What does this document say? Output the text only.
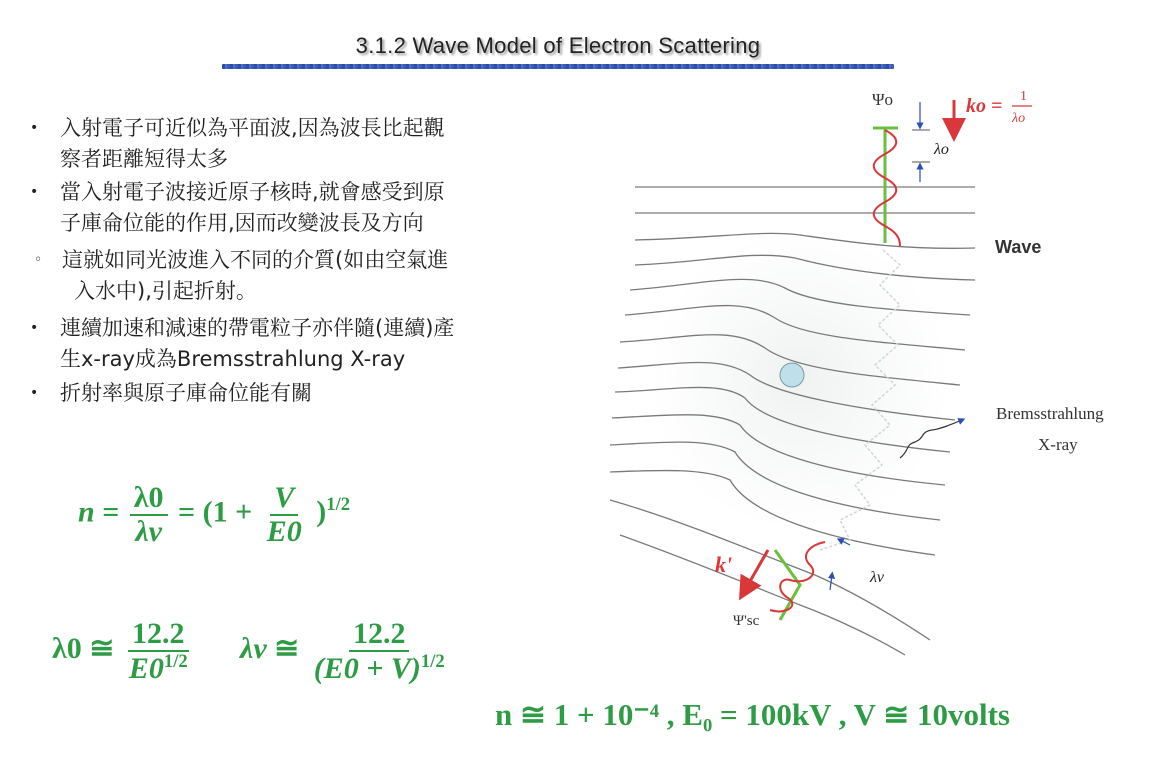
3.1.2 Wave Model of Electron Scattering
•	入射電子可近似為平面波,因為波長比起觀
察者距離短得太多
•	當入射電子波接近原子核時,就會感受到原
子庫侖位能的作用,因而改變波長及方向
◦ 這就如同光波進入不同的介質(如由空氣進
入水中),引起折射。
•	連續加速和減速的帶電粒子亦伴隨(連續)產
生x-ray成為Bremsstrahlung X-ray
•	折射率與原子庫侖位能有關
$n = \frac{\lambda 0}{\lambda v} = (1 + \frac{V}{E0} )^{1/2}$
λ0 ≅ $\frac{12.2}{E0^{1/2}}$ λv ≅ $\frac{12.2}{(E0 + V)^{1/2}}$
n ≅ 1 + 10⁻⁴ , E₀ = 100kV , V ≅ 10volts
Ψo	ko = 1
λo
λo
Wave
Bremsstrahlung
X-ray
k'
λv
Ψ'sc
